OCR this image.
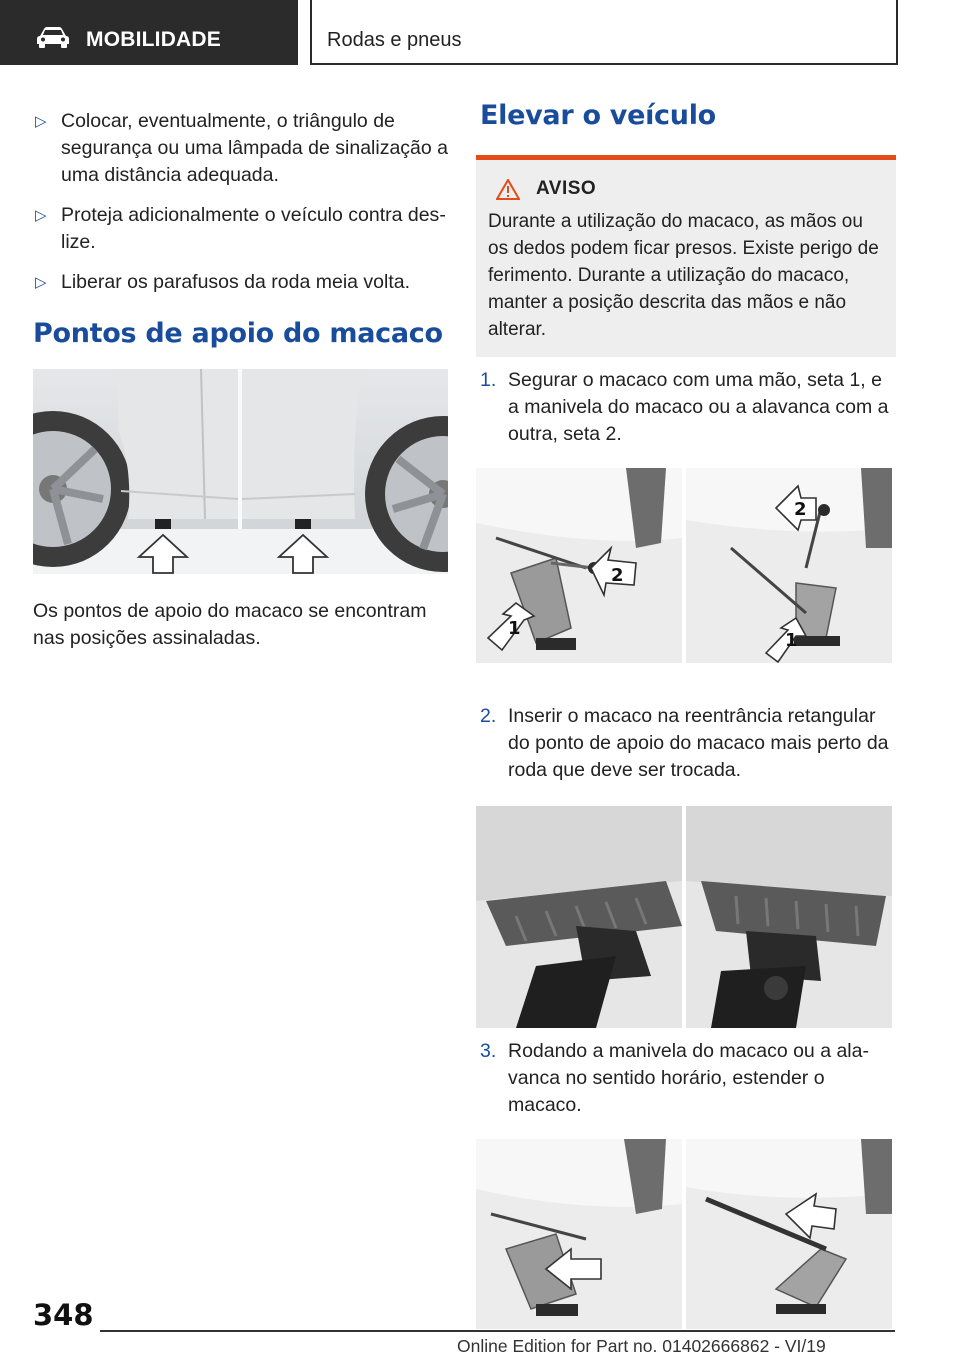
MOBILIDADE	Rodas e pneus
▷ Colocar, eventualmente, o triângulo de segurança ou uma lâmpada de sinalização a uma distância adequada.
▷ Proteja adicionalmente o veículo contra deslize.
▷ Liberar os parafusos da roda meia volta.
Pontos de apoio do macaco
Os pontos de apoio do macaco se encontram nas posições assinaladas.
Elevar o veículo
AVISO
Durante a utilização do macaco, as mãos ou os dedos podem ficar presos. Existe perigo de ferimento. Durante a utilização do macaco, manter a posição descrita das mãos e não alterar.
1. Segurar o macaco com uma mão, seta 1, e a manivela do macaco ou a alavanca com a outra, seta 2.
1
2
1
2
2. Inserir o macaco na reentrância retangular do ponto de apoio do macaco mais perto da roda que deve ser trocada.
3. Rodando a manivela do macaco ou a alavanca no sentido horário, estender o macaco.
348
Online Edition for Part no. 01402666862 - VI/19
